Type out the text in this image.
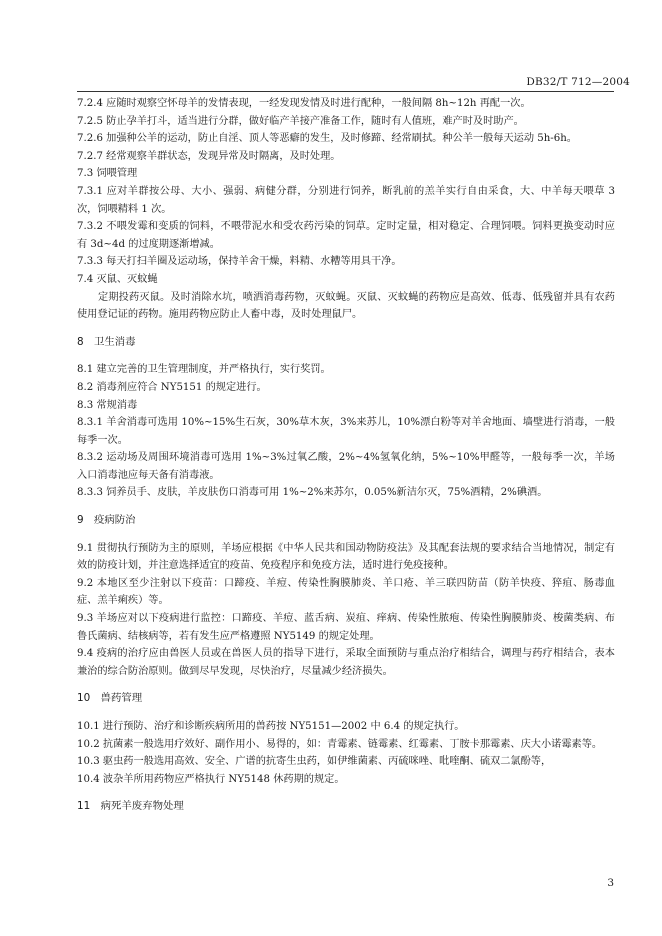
DB32/T 712—2004

7.2.4 应随时观察空怀母羊的发情表现，一经发现发情及时进行配种，一般间隔 8h~12h 再配一次。

7.2.5 防止孕羊打斗，适当进行分群，做好临产羊接产准备工作，随时有人值班，难产时及时助产。

7.2.6 加强种公羊的运动，防止自淫、顶人等恶癖的发生，及时修蹄、经常刷拭。种公羊一般每天运动 5h-6h。

7.2.7 经常观察羊群状态，发现异常及时隔离，及时处理。

7.3 饲喂管理

7.3.1 应对羊群按公母、大小、强弱、病健分群，分别进行饲养，断乳前的羔羊实行自由采食，大、中羊每天喂草 3 次，饲喂精料 1 次。

7.3.2 不喂发霉和变质的饲料，不喂带泥水和受农药污染的饲草。定时定量，相对稳定、合理饲喂。饲料更换变动时应有 3d~4d 的过度期逐渐增减。

7.3.3 每天打扫羊圈及运动场，保持羊舍干燥，料精、水糟等用具干净。

7.4 灭鼠、灭蚊蝇

定期投药灭鼠。及时消除水坑，喷洒消毒药物，灭蚊蝇。灭鼠、灭蚊蝇的药物应是高效、低毒、低残留并具有农药使用登记证的药物。施用药物应防止人畜中毒，及时处理鼠尸。

8　卫生消毒

8.1 建立完善的卫生管理制度，并严格执行，实行奖罚。

8.2 消毒剂应符合 NY5151 的规定进行。

8.3 常规消毒

8.3.1 羊舍消毒可选用 10%~15%生石灰，30%草木灰，3%来苏儿，10%漂白粉等对羊舍地面、墙壁进行消毒，一般每季一次。

8.3.2 运动场及周围环境消毒可选用 1%~3%过氧乙酸，2%~4%氢氧化纳，5%~10%甲醛等，一般每季一次，羊场入口消毒池应每天备有消毒液。

8.3.3 饲养员手、皮肤，羊皮肤伤口消毒可用 1%~2%来苏尔，0.05%新洁尔灭，75%酒精，2%碘酒。

9　疫病防治

9.1 贯彻执行预防为主的原则，羊场应根据《中华人民共和国动物防疫法》及其配套法规的要求结合当地情况，制定有效的防疫计划，并注意选择适宜的疫苗、免疫程序和免疫方法，适时进行免疫接种。

9.2 本地区至少注射以下疫苗：口蹄疫、羊痘、传染性胸膜肺炎、羊口疮、羊三联四防苗（防羊快疫、猝疽、肠毒血症、羔羊痢疾）等。

9.3 羊场应对以下疫病进行监控：口蹄疫、羊痘、蓝舌病、炭疽、痒病、传染性脓疱、传染性胸膜肺炎、梭菌类病、布鲁氏菌病、结核病等，若有发生应严格遵照 NY5149 的规定处理。

9.4 疫病的治疗应由兽医人员或在兽医人员的指导下进行，采取全面预防与重点治疗相结合，调理与药疗相结合，表本兼治的综合防治原则。做到尽早发现，尽快治疗，尽量减少经济损失。

10　兽药管理

10.1 进行预防、治疗和诊断疾病所用的兽药按 NY5151—2002 中 6.4 的规定执行。

10.2 抗菌素一般选用疗效好、副作用小、易得的，如：青霉素、链霉素、红霉素、丁胺卡那霉素、庆大小诺霉素等。

10.3 驱虫药一般选用高效、安全、广谱的抗寄生虫药，如伊维菌素、丙硫咪唑、吡喹酮、硫双二氯酚等，

10.4 波杂羊所用药物应严格执行 NY5148 休药期的规定。

11　病死羊废弃物处理

3
